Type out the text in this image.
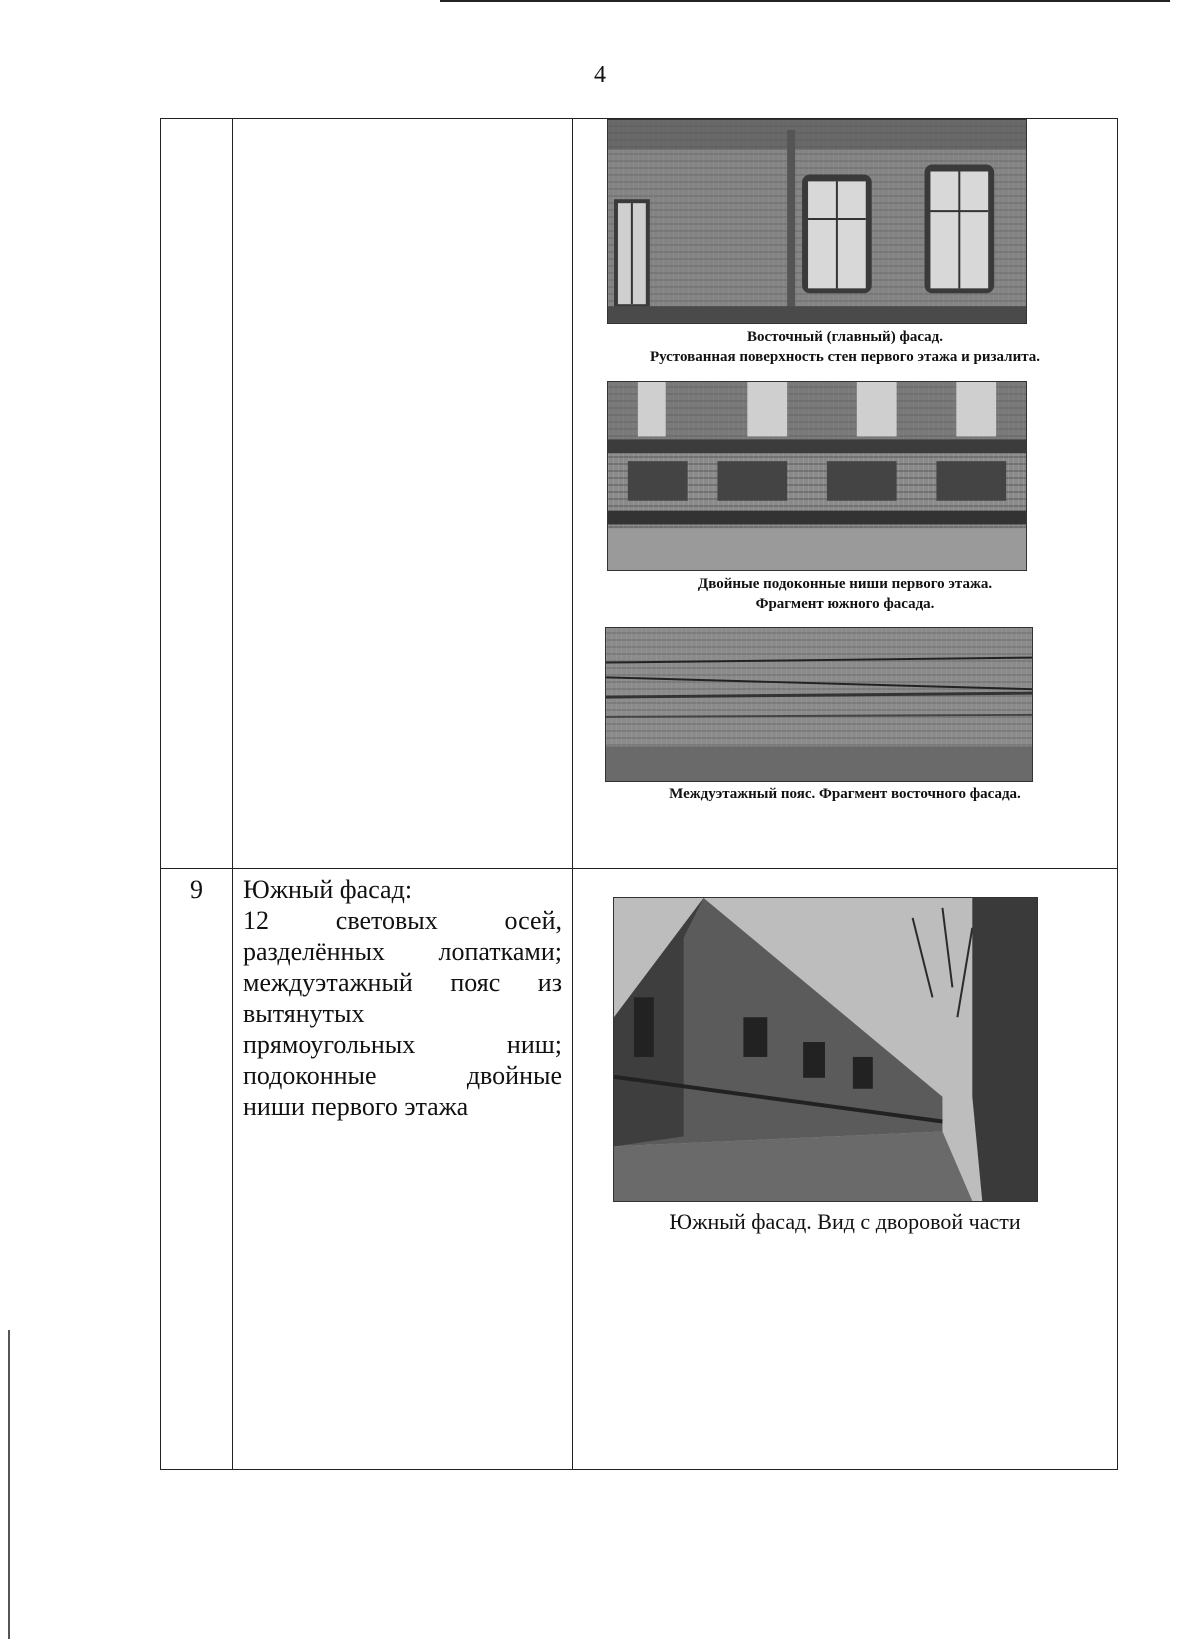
4
Восточный (главный) фасад.
Рустованная поверхность стен первого этажа и ризалита.
Двойные подоконные ниши первого этажа.
Фрагмент южного фасада.
Междуэтажный пояс. Фрагмент восточного фасада.
9	Южный фасад:
12 световых осей,
разделённых лопатками;
междуэтажный пояс из
вытянутых
прямоугольных ниш;
подоконные двойные
ниши первого этажа
Южный фасад. Вид с дворовой части
